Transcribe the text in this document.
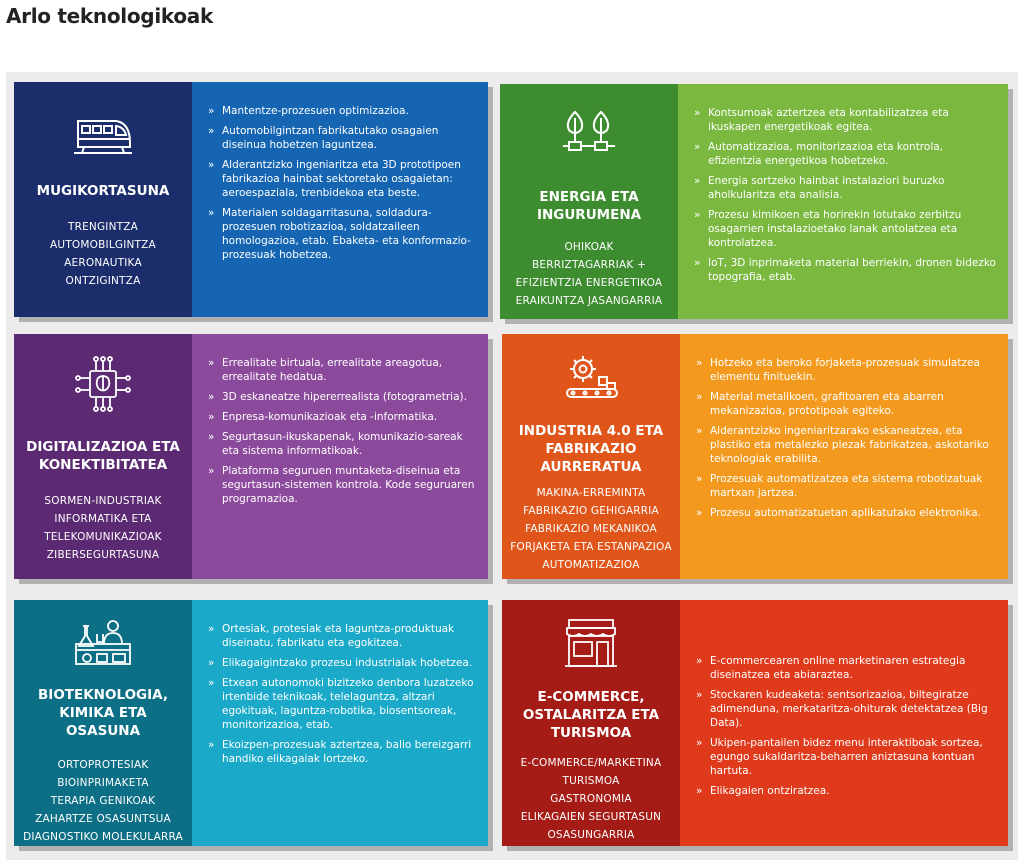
Arlo teknologikoak
MUGIKORTASUNA
TRENGINTZA
AUTOMOBILGINTZA
AERONAUTIKA
ONTZIGINTZA
» Mantentze-prozesuen optimizazioa.
» Automobilgintzan fabrikatutako osagaien diseinua hobetzen laguntzea.
» Alderantzizko ingeniaritza eta 3D prototipoen fabrikazioa hainbat sektoretako osagaietan: aeroespaziala, trenbidekoa eta beste.
» Materialen soldagarritasuna, soldadura-prozesuen robotizazioa, soldatzaileen homologazioa, etab. Ebaketa- eta konformazio-prozesuak hobetzea.
ENERGIA ETA INGURUMENA
OHIKOAK
BERRIZTAGARRIAK +
EFIZIENTZIA ENERGETIKOA
ERAIKUNTZA JASANGARRIA
» Kontsumoak aztertzea eta kontabilizatzea eta ikuskapen energetikoak egitea.
» Automatizazioa, monitorizazioa eta kontrola, efizientzia energetikoa hobetzeko.
» Energia sortzeko hainbat instalaziori buruzko aholkularitza eta analisia.
» Prozesu kimikoen eta horirekin lotutako zerbitzu osagarrien instalazioetako lanak antolatzea eta kontrolatzea.
» IoT, 3D inprimaketa material berriekin, dronen bidezko topografia, etab.
DIGITALIZAZIOA ETA KONEKTIBITATEA
SORMEN-INDUSTRIAK
INFORMATIKA ETA
TELEKOMUNIKAZIOAK
ZIBERSEGURTASUNA
» Errealitate birtuala, errealitate areagotua, errealitate hedatua.
» 3D eskaneatze hipererrealista (fotogrametria).
» Enpresa-komunikazioak eta -informatika.
» Segurtasun-ikuskapenak, komunikazio-sareak eta sistema informatikoak.
» Plataforma seguruen muntaketa-diseinua eta segurtasun-sistemen kontrola. Kode seguruaren programazioa.
INDUSTRIA 4.0 ETA FABRIKAZIO AURRERATUA
MAKINA-ERREMINTA
FABRIKAZIO GEHIGARRIA
FABRIKAZIO MEKANIKOA
FORJAKETA ETA ESTANPAZIOA
AUTOMATIZAZIOA
» Hotzeko eta beroko forjaketa-prozesuak simulatzea elementu finituekin.
» Material metalikoen, grafitoaren eta abarren mekanizazioa, prototipoak egiteko.
» Alderantzizko ingeniaritzarako eskaneatzea, eta plastiko eta metalezko piezak fabrikatzea, askotariko teknologiak erabilita.
» Prozesuak automatizatzea eta sistema robotizatuak martxan jartzea.
» Prozesu automatizatuetan aplikatutako elektronika.
BIOTEKNOLOGIA, KIMIKA ETA OSASUNA
ORTOPROTESIAK
BIOINPRIMAKETA
TERAPIA GENIKOAK
ZAHARTZE OSASUNTSUA
DIAGNOSTIKO MOLEKULARRA
» Ortesiak, protesiak eta laguntza-produktuak diseinatu, fabrikatu eta egokitzea.
» Elikagaigintzako prozesu industrialak hobetzea.
» Etxean autonomoki bizitzeko denbora luzatzeko irtenbide teknikoak, telelaguntza, altzari egokituak, laguntza-robotika, biosentsoreak, monitorizazioa, etab.
» Ekoizpen-prozesuak aztertzea, balio bereizgarri handiko elikagaiak lortzeko.
E-COMMERCE, OSTALARITZA ETA TURISMOA
E-COMMERCE/MARKETINA
TURISMOA
GASTRONOMIA
ELIKAGAIEN SEGURTASUN
OSASUNGARRIA
» E-commercearen online marketinaren estrategia diseinatzea eta abiaraztea.
» Stockaren kudeaketa: sentsorizazioa, biltegiratze adimenduna, merkataritza-ohiturak detektatzea (Big Data).
» Ukipen-pantailen bidez menu interaktiboak sortzea, egungo sukaldaritza-beharren aniztasuna kontuan hartuta.
» Elikagaien ontziratzea.
